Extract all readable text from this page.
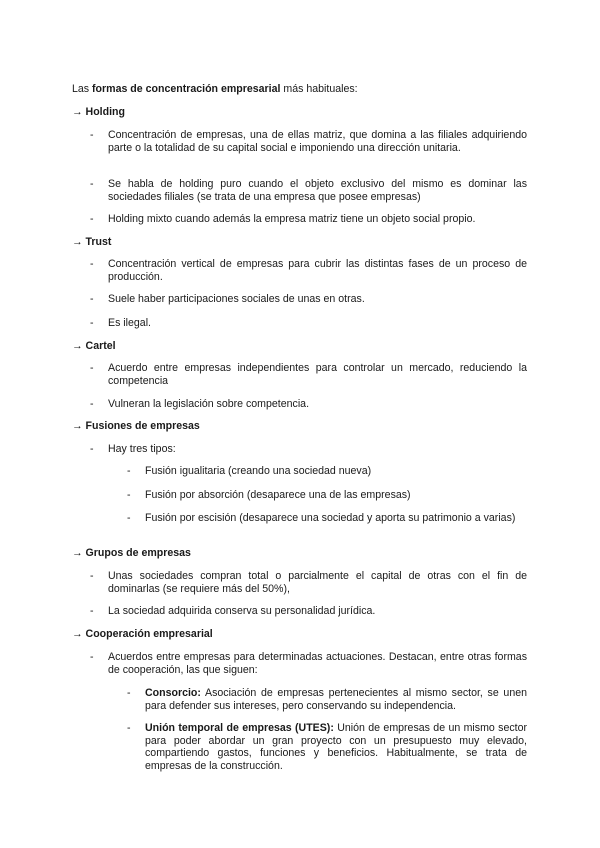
Las formas de concentración empresarial más habituales:
→ Holding
-	Concentración de empresas, una de ellas matriz, que domina a las filiales adquiriendo parte o la totalidad de su capital social e imponiendo una dirección unitaria.
-	Se habla de holding puro cuando el objeto exclusivo del mismo es dominar las sociedades filiales (se trata de una empresa que posee empresas)
-	Holding mixto cuando además la empresa matriz tiene un objeto social propio.
→ Trust
-	Concentración vertical de empresas para cubrir las distintas fases de un proceso de producción.
-	Suele haber participaciones sociales de unas en otras.
-	Es ilegal.
→ Cartel
-	Acuerdo entre empresas independientes para controlar un mercado, reduciendo la competencia
-	Vulneran la legislación sobre competencia.
→ Fusiones de empresas
-	Hay tres tipos:
-	Fusión igualitaria (creando una sociedad nueva)
-	Fusión por absorción (desaparece una de las empresas)
-	Fusión por escisión (desaparece una sociedad y aporta su patrimonio a varias)
→ Grupos de empresas
-	Unas sociedades compran total o parcialmente el capital de otras con el fin de dominarlas (se requiere más del 50%),
-	La sociedad adquirida conserva su personalidad jurídica.
→ Cooperación empresarial
-	Acuerdos entre empresas para determinadas actuaciones. Destacan, entre otras formas de cooperación, las que siguen:
-	Consorcio: Asociación de empresas pertenecientes al mismo sector, se unen para defender sus intereses, pero conservando su independencia.
-	Unión temporal de empresas (UTES): Unión de empresas de un mismo sector para poder abordar un gran proyecto con un presupuesto muy elevado, compartiendo gastos, funciones y beneficios. Habitualmente, se trata de empresas de la construcción.
